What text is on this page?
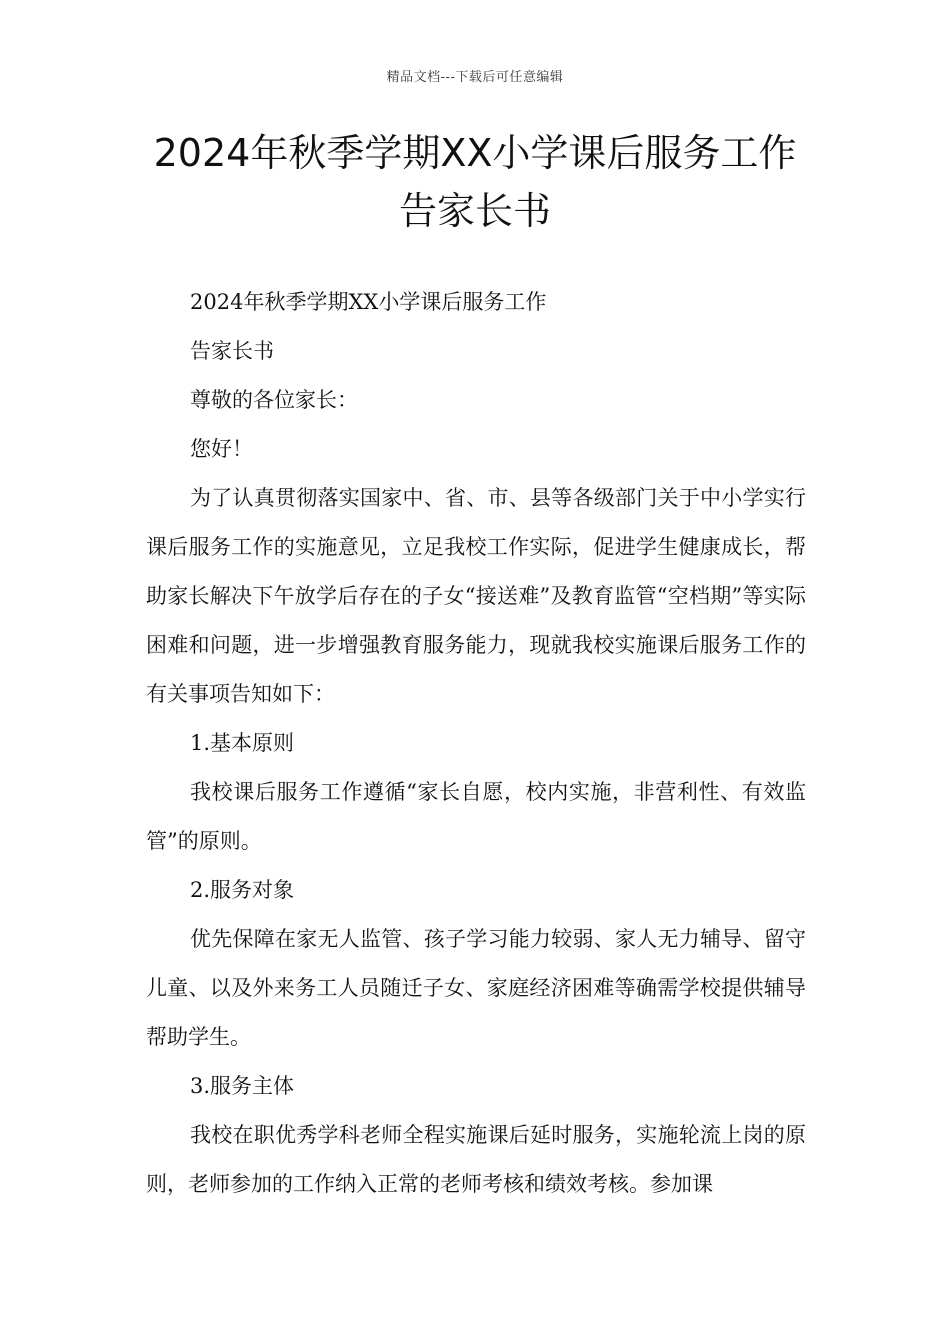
精品文档---下载后可任意编辑
2024年秋季学期XX小学课后服务工作
告家长书

2024年秋季学期XX小学课后服务工作

告家长书

尊敬的各位家长：

您好！

为了认真贯彻落实国家中、省、市、县等各级部门关于中小学实行课后服务工作的实施意见，立足我校工作实际，促进学生健康成长，帮助家长解决下午放学后存在的子女“接送难”及教育监管“空档期”等实际困难和问题，进一步增强教育服务能力，现就我校实施课后服务工作的有关事项告知如下：

1.基本原则

我校课后服务工作遵循“家长自愿，校内实施，非营利性、有效监管”的原则。

2.服务对象

优先保障在家无人监管、孩子学习能力较弱、家人无力辅导、留守儿童、以及外来务工人员随迁子女、家庭经济困难等确需学校提供辅导帮助学生。

3.服务主体

我校在职优秀学科老师全程实施课后延时服务，实施轮流上岗的原则，老师参加的工作纳入正常的老师考核和绩效考核。参加课
